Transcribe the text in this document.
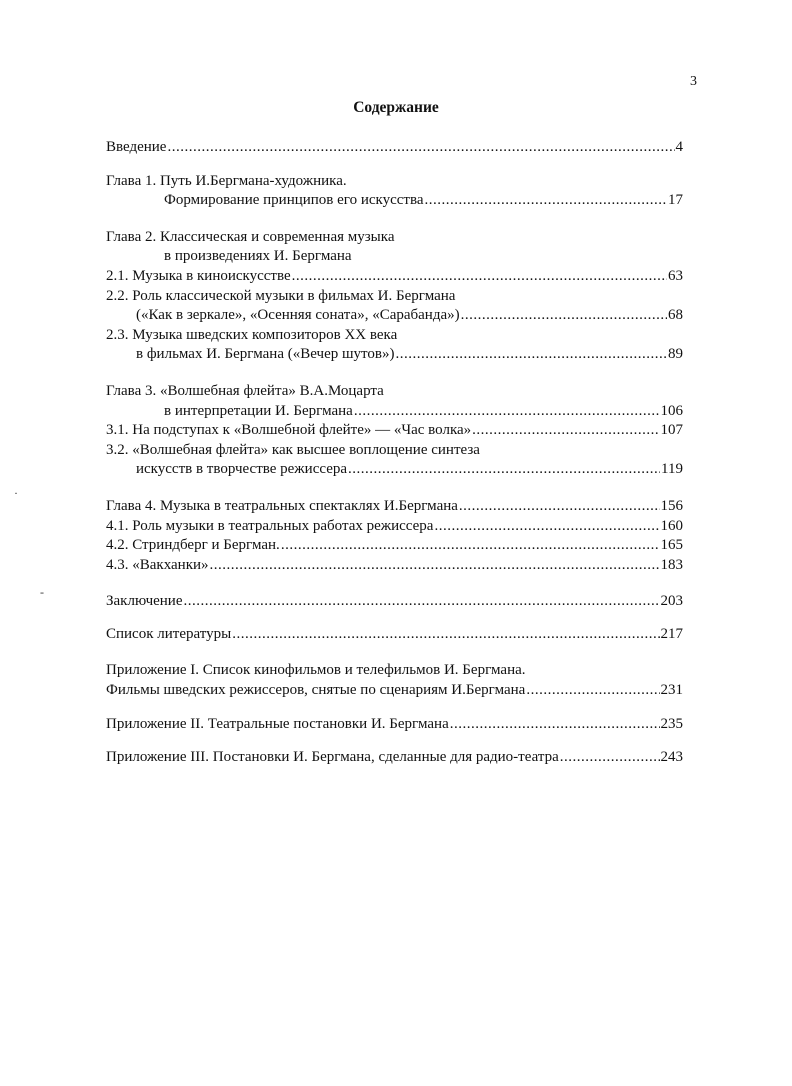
3
Содержание
·
-
Введение .....	4
Глава 1. Путь И.Бергмана-художника.
Формирование принципов его искусства .....	17
Глава 2. Классическая и современная музыка
в произведениях И. Бергмана
2.1. Музыка в киноискусстве .....	63
2.2. Роль классической музыки в фильмах И. Бергмана
(«Как в зеркале», «Осенняя соната», «Сарабанда») .....	68
2.3. Музыка шведских композиторов XX века
в фильмах И. Бергмана («Вечер шутов») .....	89
Глава 3. «Волшебная флейта» В.А.Моцарта
в интерпретации И. Бергмана .....	106
3.1. На подступах к «Волшебной флейте» — «Час волка» .....	107
3.2. «Волшебная флейта» как высшее воплощение синтеза
искусств в творчестве режиссера .....	119
Глава 4. Музыка в театральных спектаклях И.Бергмана .....	156
4.1. Роль музыки в театральных работах режиссера .....	160
4.2. Стриндберг и Бергман. .....	165
4.3. «Вакханки» .....	183
Заключение .....	203
Список литературы .....	217
Приложение I. Список кинофильмов и телефильмов И. Бергмана.
Фильмы шведских режиссеров, снятые по сценариям И.Бергмана .....	231
Приложение II. Театральные постановки И. Бергмана .....	235
Приложение III. Постановки И. Бергмана, сделанные для радио-театра .....	243
